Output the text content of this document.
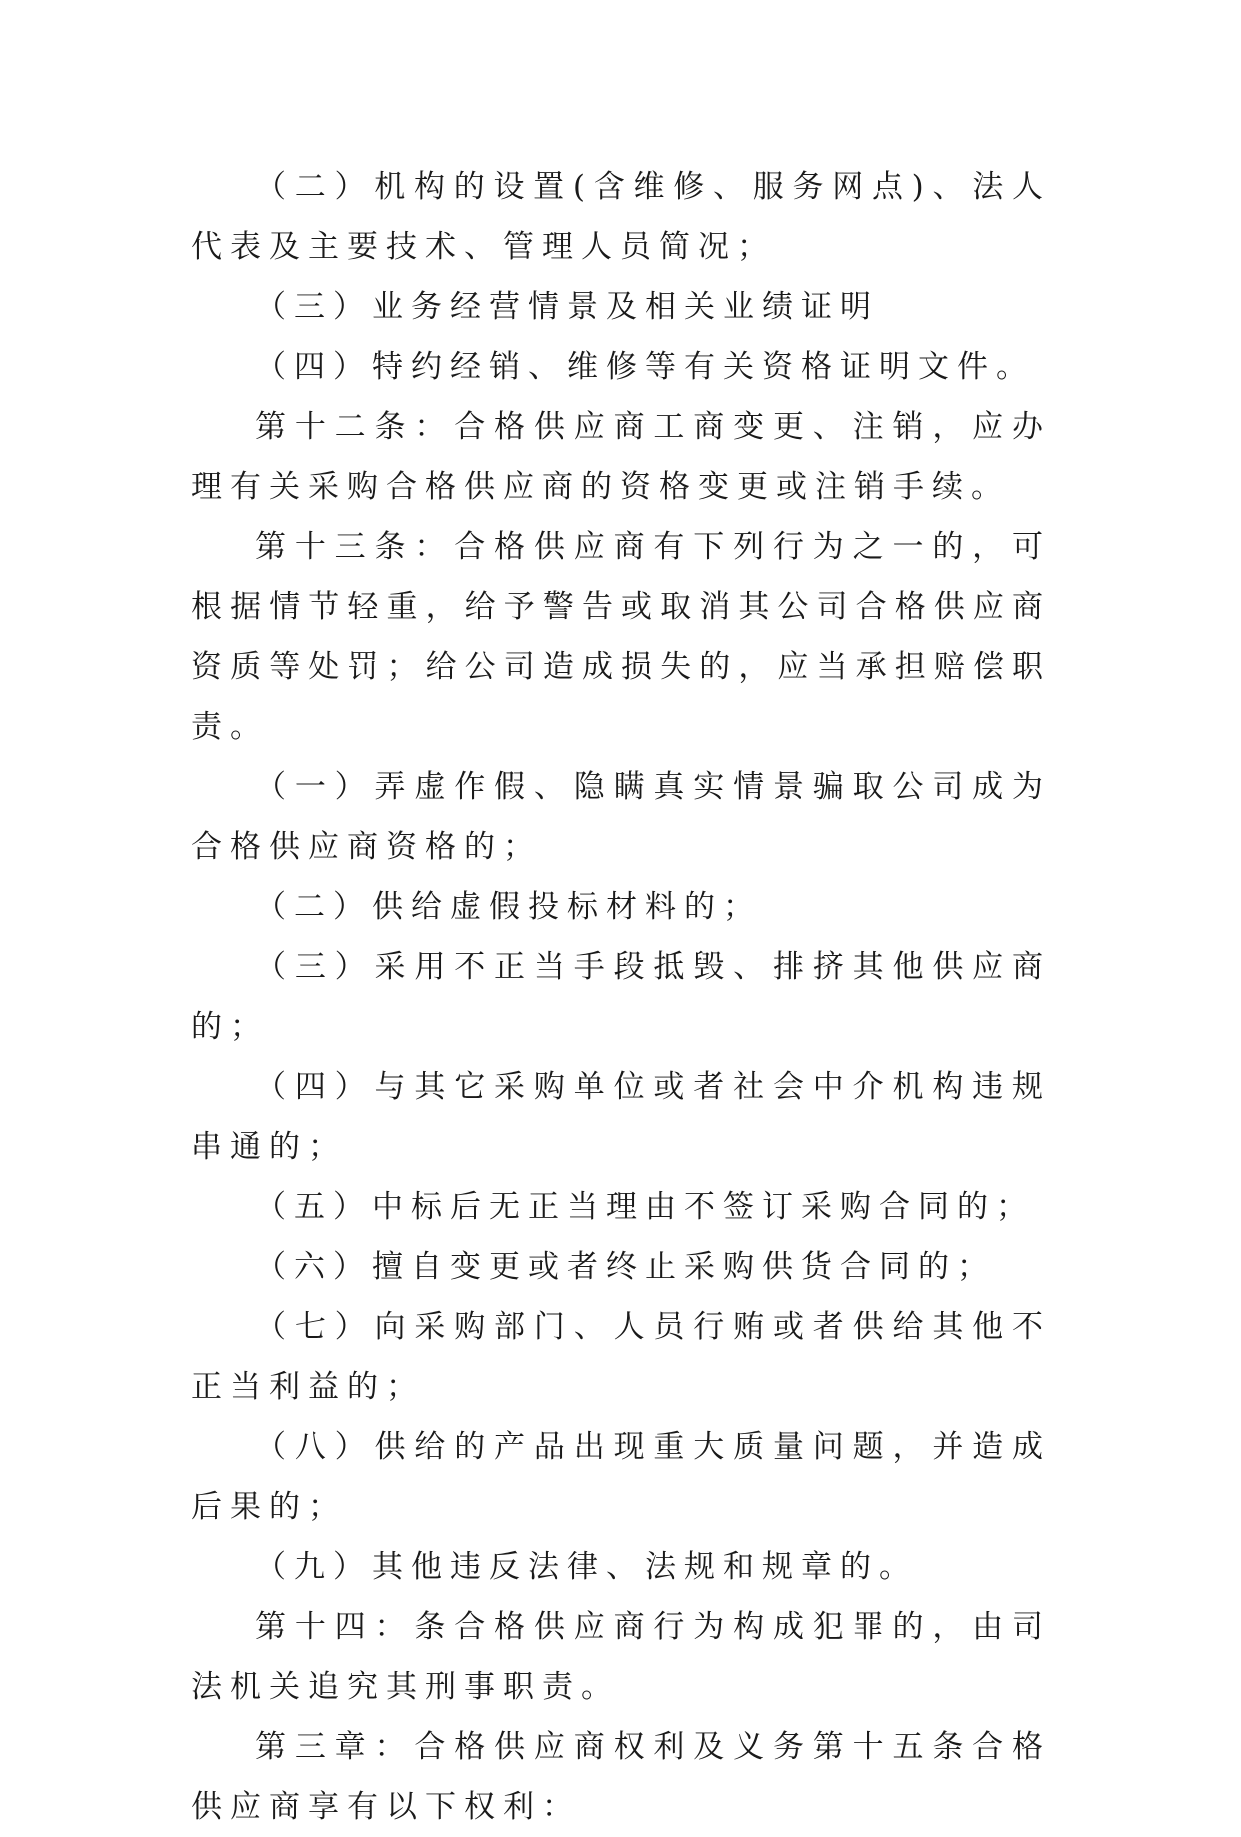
（二）机构的设置(含维修、服务网点)、法人代表及主要技术、管理人员简况；

（三）业务经营情景及相关业绩证明

（四）特约经销、维修等有关资格证明文件。

第十二条：合格供应商工商变更、注销，应办理有关采购合格供应商的资格变更或注销手续。

第十三条：合格供应商有下列行为之一的，可根据情节轻重，给予警告或取消其公司合格供应商资质等处罚；给公司造成损失的，应当承担赔偿职责。

（一）弄虚作假、隐瞒真实情景骗取公司成为合格供应商资格的；

（二）供给虚假投标材料的；

（三）采用不正当手段抵毁、排挤其他供应商的；

（四）与其它采购单位或者社会中介机构违规串通的；

（五）中标后无正当理由不签订采购合同的；

（六）擅自变更或者终止采购供货合同的；

（七）向采购部门、人员行贿或者供给其他不正当利益的；

（八）供给的产品出现重大质量问题，并造成后果的；

（九）其他违反法律、法规和规章的。

第十四：条合格供应商行为构成犯罪的，由司法机关追究其刑事职责。

第三章：合格供应商权利及义务第十五条合格供应商享有以下权利：
